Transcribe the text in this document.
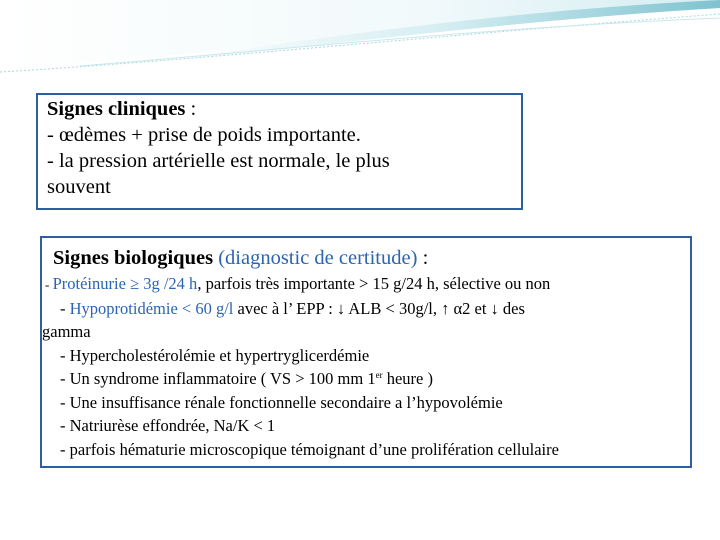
Signes cliniques :

- œdèmes + prise de poids importante.

- la pression artérielle est normale, le plus

souvent

Signes biologiques (diagnostic de certitude) :

- Protéinurie ≥ 3g /24 h, parfois très importante > 15 g/24 h, sélective ou non

- Hypoprotidémie < 60 g/l avec à l’ EPP : ↓ ALB < 30g/l, ↑ α2 et ↓ des

gamma

- Hypercholestérolémie et hypertryglicerdémie

- Un syndrome inflammatoire ( VS > 100 mm 1er heure )

- Une insuffisance rénale fonctionnelle secondaire a l’hypovolémie

- Natriurèse effondrée, Na/K < 1

- parfois hématurie microscopique témoignant d’une prolifération cellulaire
